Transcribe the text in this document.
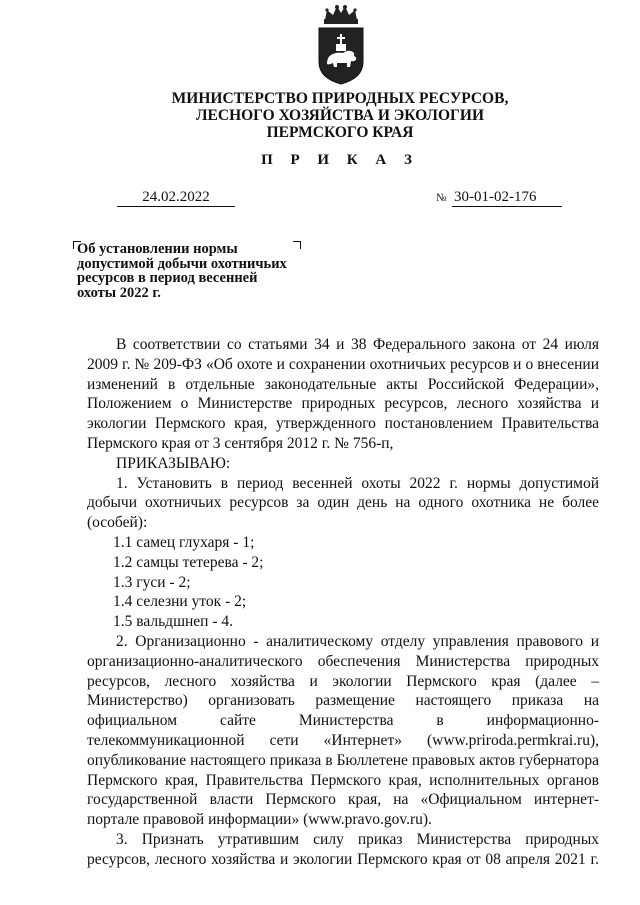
МИНИСТЕРСТВО ПРИРОДНЫХ РЕСУРСОВ,
ЛЕСНОГО ХОЗЯЙСТВА И ЭКОЛОГИИ
ПЕРМСКОГО КРАЯ
П Р И К А З
24.02.2022	№ 30-01-02-176
Об установлении нормы
допустимой добычи охотничьих
ресурсов в период весенней
охоты 2022 г.

В соответствии со статьями 34 и 38 Федерального закона от 24 июля 2009 г. № 209-ФЗ «Об охоте и сохранении охотничьих ресурсов и о внесении изменений в отдельные законодательные акты Российской Федерации», Положением о Министерстве природных ресурсов, лесного хозяйства и экологии Пермского края, утвержденного постановлением Правительства Пермского края от 3 сентября 2012 г. № 756-п,

ПРИКАЗЫВАЮ:

1. Установить в период весенней охоты 2022 г. нормы допустимой добычи охотничьих ресурсов за один день на одного охотника не более (особей):

1.1 самец глухаря - 1;

1.2 самцы тетерева - 2;

1.3 гуси - 2;

1.4 селезни уток - 2;

1.5 вальдшнеп - 4.

2. Организационно - аналитическому отделу управления правового и организационно-аналитического обеспечения Министерства природных ресурсов, лесного хозяйства и экологии Пермского края (далее – Министерство) организовать размещение настоящего приказа на официальном сайте Министерства в информационно-телекоммуникационной сети «Интернет» (www.priroda.permkrai.ru), опубликование настоящего приказа в Бюллетене правовых актов губернатора Пермского края, Правительства Пермского края, исполнительных органов государственной власти Пермского края, на «Официальном интернет-портале правовой информации» (www.pravo.gov.ru).

3. Признать утратившим силу приказ Министерства природных ресурсов, лесного хозяйства и экологии Пермского края от 08 апреля 2021 г.
